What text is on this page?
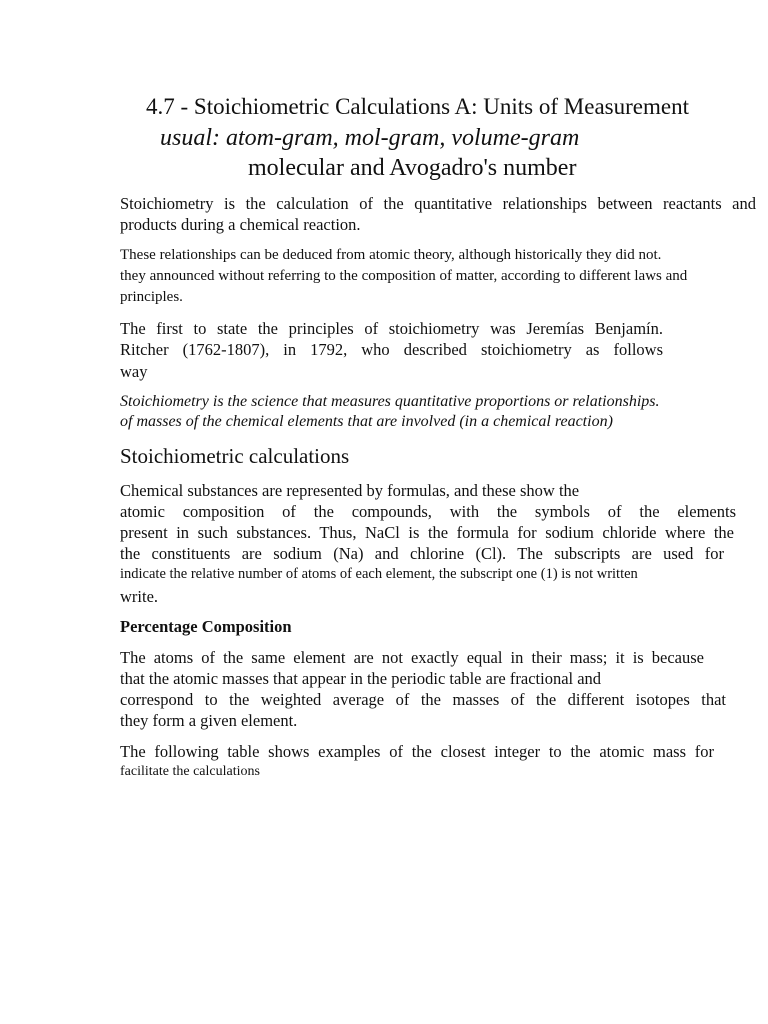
4.7 - Stoichiometric Calculations A: Units of Measurement
usual: atom-gram, mol-gram, volume-gram
molecular and Avogadro's number
Stoichiometry is the calculation of the quantitative relationships between reactants and
products during a chemical reaction.
These relationships can be deduced from atomic theory, although historically they did not.
they announced without referring to the composition of matter, according to different laws and
principles.
The first to state the principles of stoichiometry was Jeremías Benjamín.
Ritcher (1762-1807), in 1792, who described stoichiometry as follows
way
Stoichiometry is the science that measures quantitative proportions or relationships.
of masses of the chemical elements that are involved (in a chemical reaction)
Stoichiometric calculations
Chemical substances are represented by formulas, and these show the
atomic composition of the compounds, with the symbols of the elements
present in such substances. Thus, NaCl is the formula for sodium chloride where the
the constituents are sodium (Na) and chlorine (Cl). The subscripts are used for
indicate the relative number of atoms of each element, the subscript one (1) is not written
write.
Percentage Composition
The atoms of the same element are not exactly equal in their mass; it is because
that the atomic masses that appear in the periodic table are fractional and
correspond to the weighted average of the masses of the different isotopes that
they form a given element.
The following table shows examples of the closest integer to the atomic mass for
facilitate the calculations
